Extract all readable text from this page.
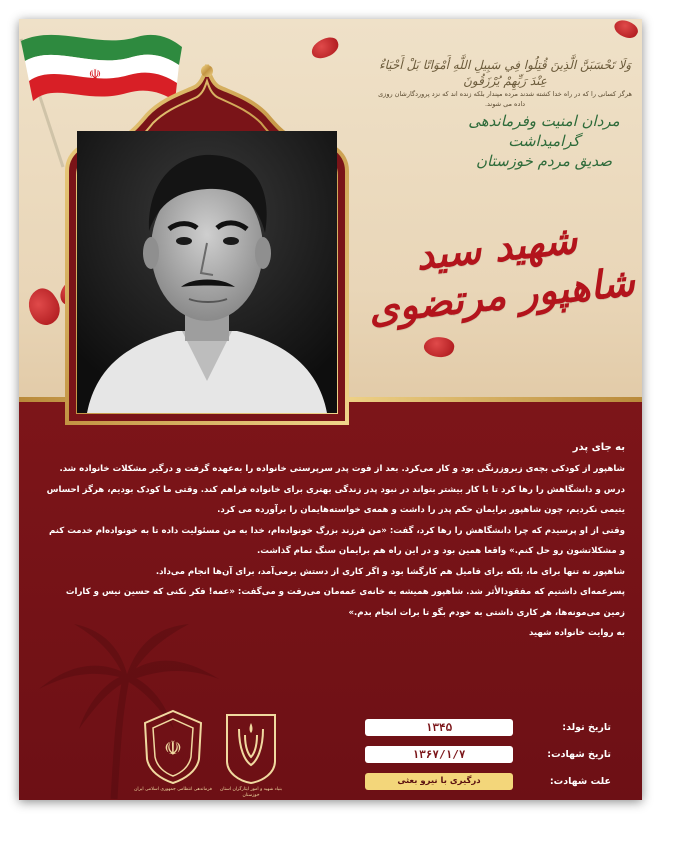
☫
وَلَا تَحْسَبَنَّ الَّذِينَ قُتِلُوا فِي سَبِيلِ اللَّهِ أَمْوَاتًا بَلْ أَحْيَاءٌ عِنْدَ رَبِّهِمْ يُرْزَقُونَ
هرگز کسانی را که در راه خدا کشته شدند مرده مپندار بلکه زنده اند که نزد پروردگارشان روزی داده می شوند.
مردان امنیت وفرماندهی گرامیداشت
صدیق مردم خوزستان
شهید سید شاهپور مرتضوی
به جای پدر

شاهپور از کودکی بچه‌ی زیروزرنگی بود و کار می‌کرد. بعد از فوت پدر سرپرستی خانواده را به‌عهده گرفت و درگیر مشکلات خانواده شد.

درس و دانشگاهش را رها کرد تا با کار بیشتر بتواند در نبود پدر زندگی بهتری برای خانواده فراهم کند. وقتی ما کودک بودیم، هرگز احساس یتیمی نکردیم، چون شاهپور برایمان حکم پدر را داشت و همه‌ی خواسته‌هایمان را برآورده می کرد.

وقتی از او پرسیدم که چرا دانشگاهش را رها کرد، گفت: «من فرزند بزرگ خونواده‌ام، خدا به من مسئولیت داده تا به خونواده‌ام خدمت کنم و مشکلاتشون رو حل کنم.» واقعا همین بود و در این راه هم برایمان سنگ تمام گذاشت.

شاهپور نه تنها برای ما، بلکه برای فامیل هم کارگشا بود و اگر کاری از دستش برمی‌آمد، برای آن‌ها انجام می‌داد.

پسرعمه‌ای داشتیم که مفقودالأثر شد. شاهپور همیشه به خانه‌ی عمه‌مان می‌رفت و می‌گفت: «عمه! فکر نکنی که حسین نیس و کارات زمین می‌مونه‌ها، هر کاری داشتی به خودم بگو تا برات انجام بدم.»

به روایت خانواده شهید
تاریخ تولد:
۱۳۴۵
تاریخ شهادت:
۱۳۶۷/۱/۷
علت شهادت:
درگیری با نیرو بعثی
☫
فرماندهی انتظامی جمهوری اسلامی ایران	بنیاد شهید و امور ایثارگران استان خوزستان
